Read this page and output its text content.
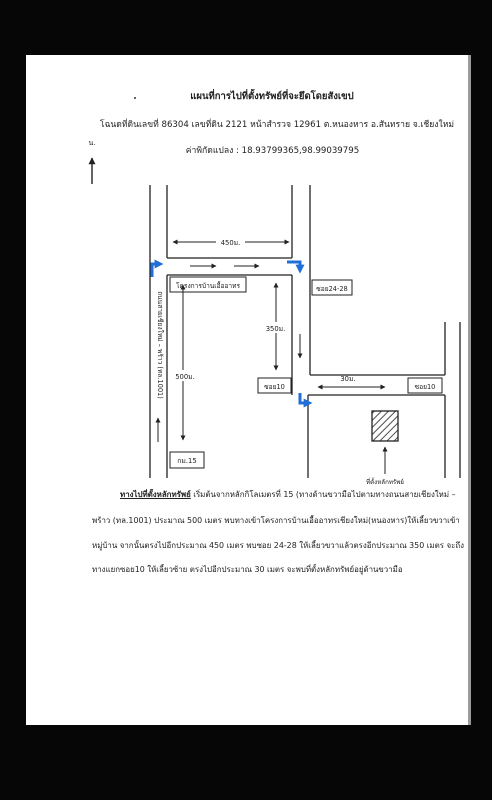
แผนที่การไปที่ตั้งทรัพย์ที่จะยึดโดยสังเขป
โฉนดที่ดินเลขที่ 86304 เลขที่ดิน 2121 หน้าสำรวจ 12961 ต.หนองหาร อ.สันทราย จ.เชียงใหม่
ค่าพิกัดแปลง : 18.93799365,98.99039795
น.
ถนนสายเชียงใหม่ – พร้าว (ทล.1001)
โครงการบ้านเอื้ออาทร	ซอย24-28
ซอย10	ซอย10
กม.15
450ม.
350ม.
500ม.	30ม.
ที่ตั้งหลักทรัพย์
ทางไปที่ตั้งหลักทรัพย์ เริ่มต้นจากหลักกิโลเมตรที่ 15 (ทางด้านขวามือไปตามทางถนนสายเชียงใหม่ –
พร้าว (ทล.1001) ประมาณ 500 เมตร พบทางเข้าโครงการบ้านเอื้ออาทรเชียงใหม่(หนองหาร)ให้เลี้ยวขวาเข้า
หมู่บ้าน จากนั้นตรงไปอีกประมาณ 450 เมตร พบซอย 24-28 ให้เลี้ยวขวาแล้วตรงอีกประมาณ 350 เมตร จะถึง
ทางแยกซอย10 ให้เลี้ยวซ้าย ตรงไปอีกประมาณ 30 เมตร จะพบที่ตั้งหลักทรัพย์อยู่ด้านขวามือ
